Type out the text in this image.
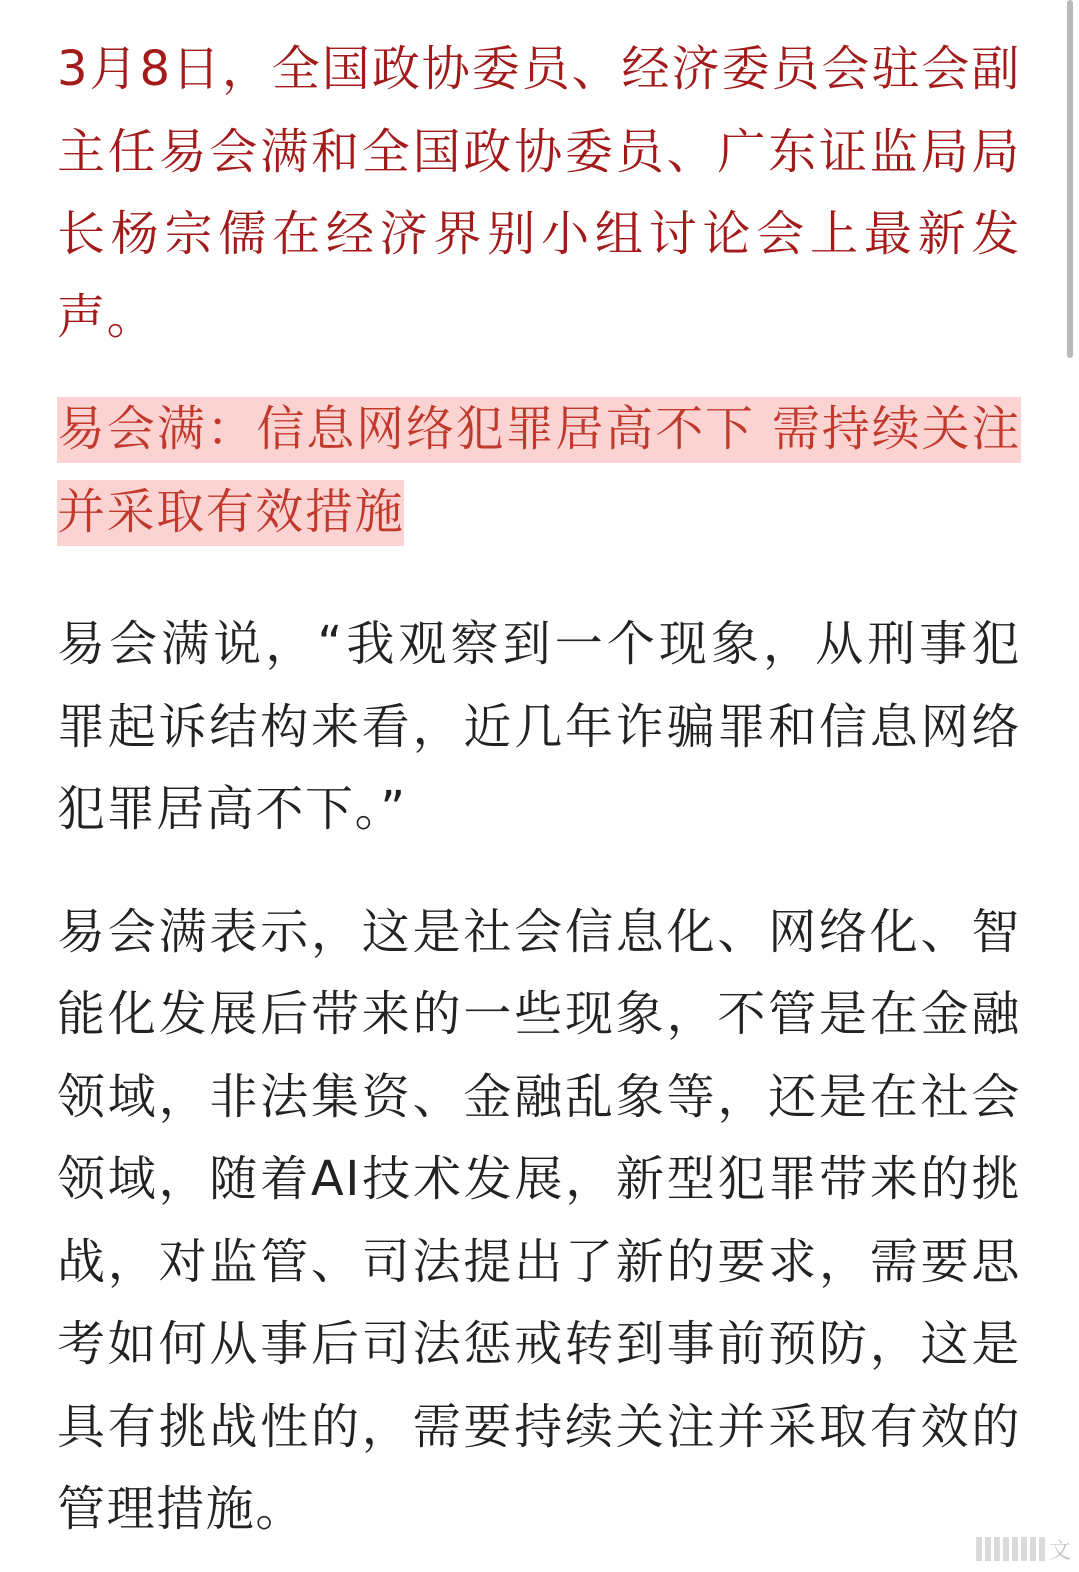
3月8日，全国政协委员、经济委员会驻会副主任易会满和全国政协委员、广东证监局局长杨宗儒在经济界别小组讨论会上最新发声。

易会满：信息网络犯罪居高不下 需持续关注并采取有效措施

易会满说，“我观察到一个现象，从刑事犯罪起诉结构来看，近几年诈骗罪和信息网络犯罪居高不下。”

易会满表示，这是社会信息化、网络化、智能化发展后带来的一些现象，不管是在金融领域，非法集资、金融乱象等，还是在社会领域，随着AI技术发展，新型犯罪带来的挑战，对监管、司法提出了新的要求，需要思考如何从事后司法惩戒转到事前预防，这是具有挑战性的，需要持续关注并采取有效的管理措施。

文
